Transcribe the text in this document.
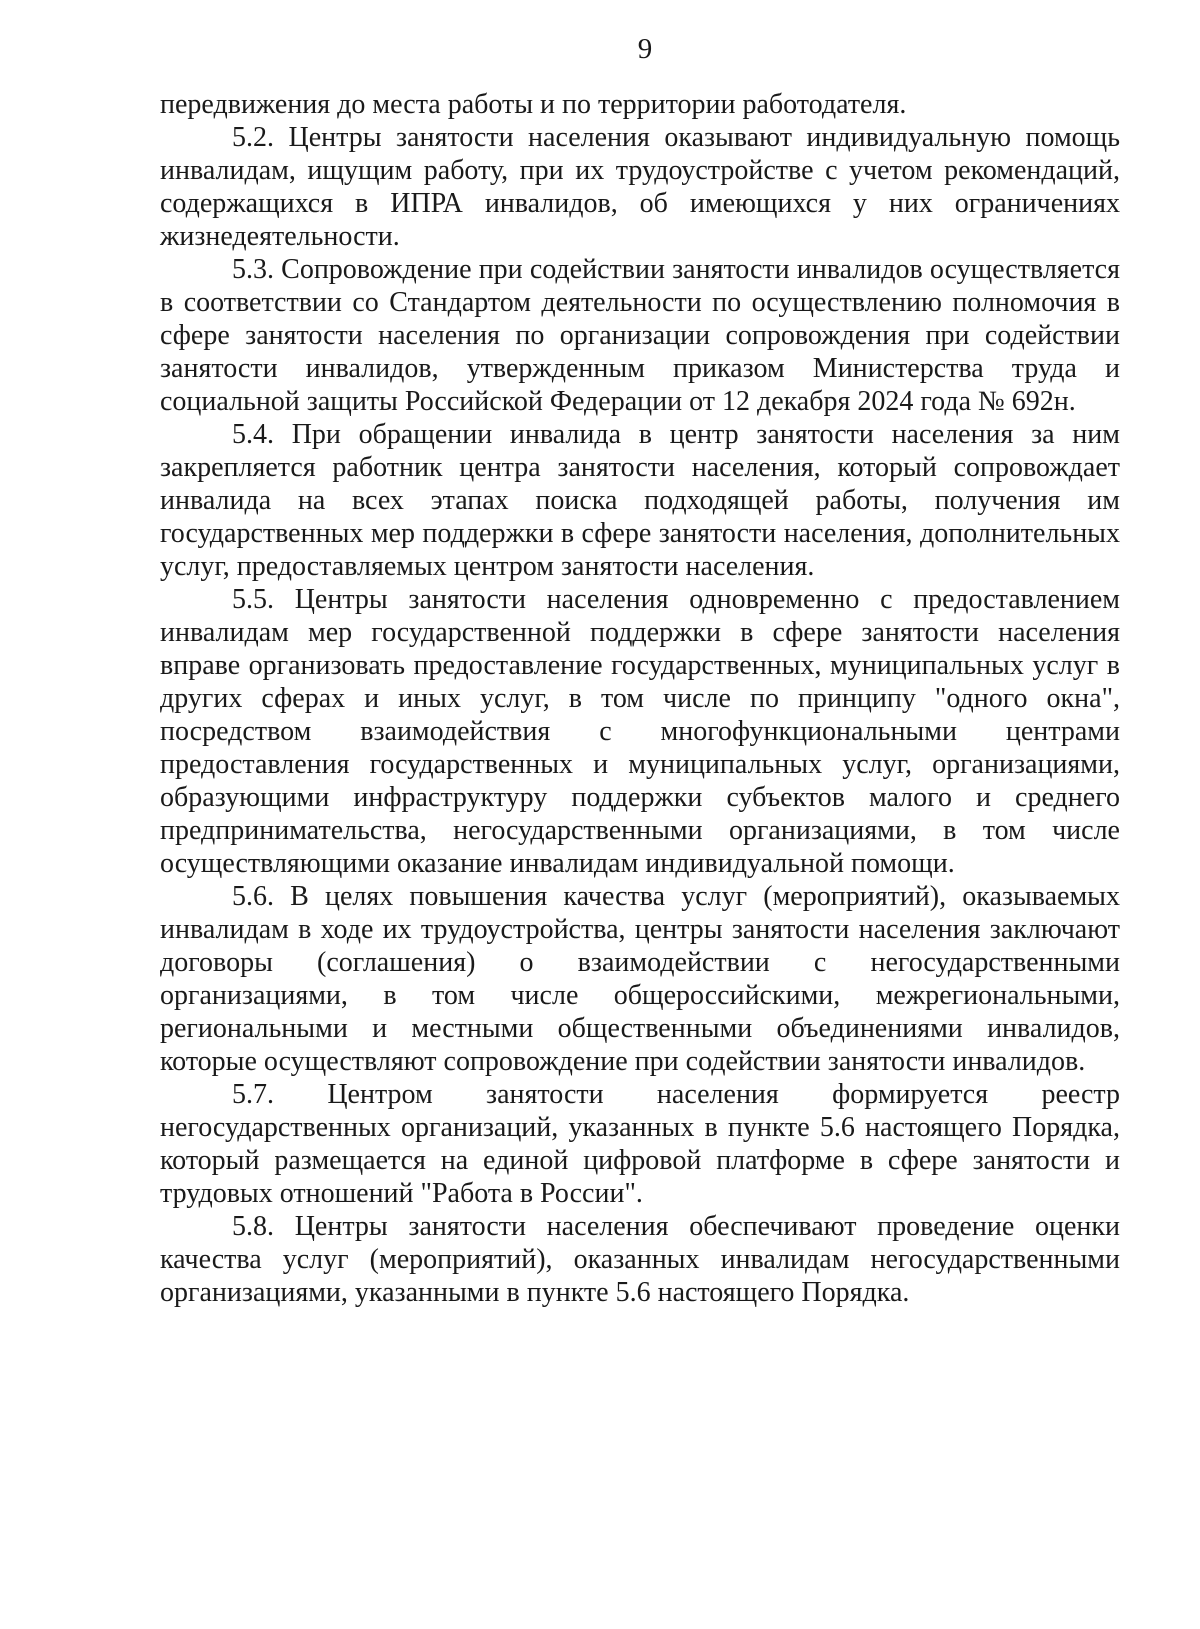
9

передвижения до места работы и по территории работодателя.

5.2. Центры занятости населения оказывают индивидуальную помощь инвалидам, ищущим работу, при их трудоустройстве с учетом рекомендаций, содержащихся в ИПРА инвалидов, об имеющихся у них ограничениях жизнедеятельности.

5.3. Сопровождение при содействии занятости инвалидов осуществляется в соответствии со Стандартом деятельности по осуществлению полномочия в сфере занятости населения по организации сопровождения при содействии занятости инвалидов, утвержденным приказом Министерства труда и социальной защиты Российской Федерации от 12 декабря 2024 года № 692н.

5.4. При обращении инвалида в центр занятости населения за ним закрепляется работник центра занятости населения, который сопровождает инвалида на всех этапах поиска подходящей работы, получения им государственных мер поддержки в сфере занятости населения, дополнительных услуг, предоставляемых центром занятости населения.

5.5. Центры занятости населения одновременно с предоставлением инвалидам мер государственной поддержки в сфере занятости населения вправе организовать предоставление государственных, муниципальных услуг в других сферах и иных услуг, в том числе по принципу "одного окна", посредством взаимодействия с многофункциональными центрами предоставления государственных и муниципальных услуг, организациями, образующими инфраструктуру поддержки субъектов малого и среднего предпринимательства, негосударственными организациями, в том числе осуществляющими оказание инвалидам индивидуальной помощи.

5.6. В целях повышения качества услуг (мероприятий), оказываемых инвалидам в ходе их трудоустройства, центры занятости населения заключают договоры (соглашения) о взаимодействии с негосударственными организациями, в том числе общероссийскими, межрегиональными, региональными и местными общественными объединениями инвалидов, которые осуществляют сопровождение при содействии занятости инвалидов.

5.7. Центром занятости населения формируется реестр негосударственных организаций, указанных в пункте 5.6 настоящего Порядка, который размещается на единой цифровой платформе в сфере занятости и трудовых отношений "Работа в России".

5.8. Центры занятости населения обеспечивают проведение оценки качества услуг (мероприятий), оказанных инвалидам негосударственными организациями, указанными в пункте 5.6 настоящего Порядка.
